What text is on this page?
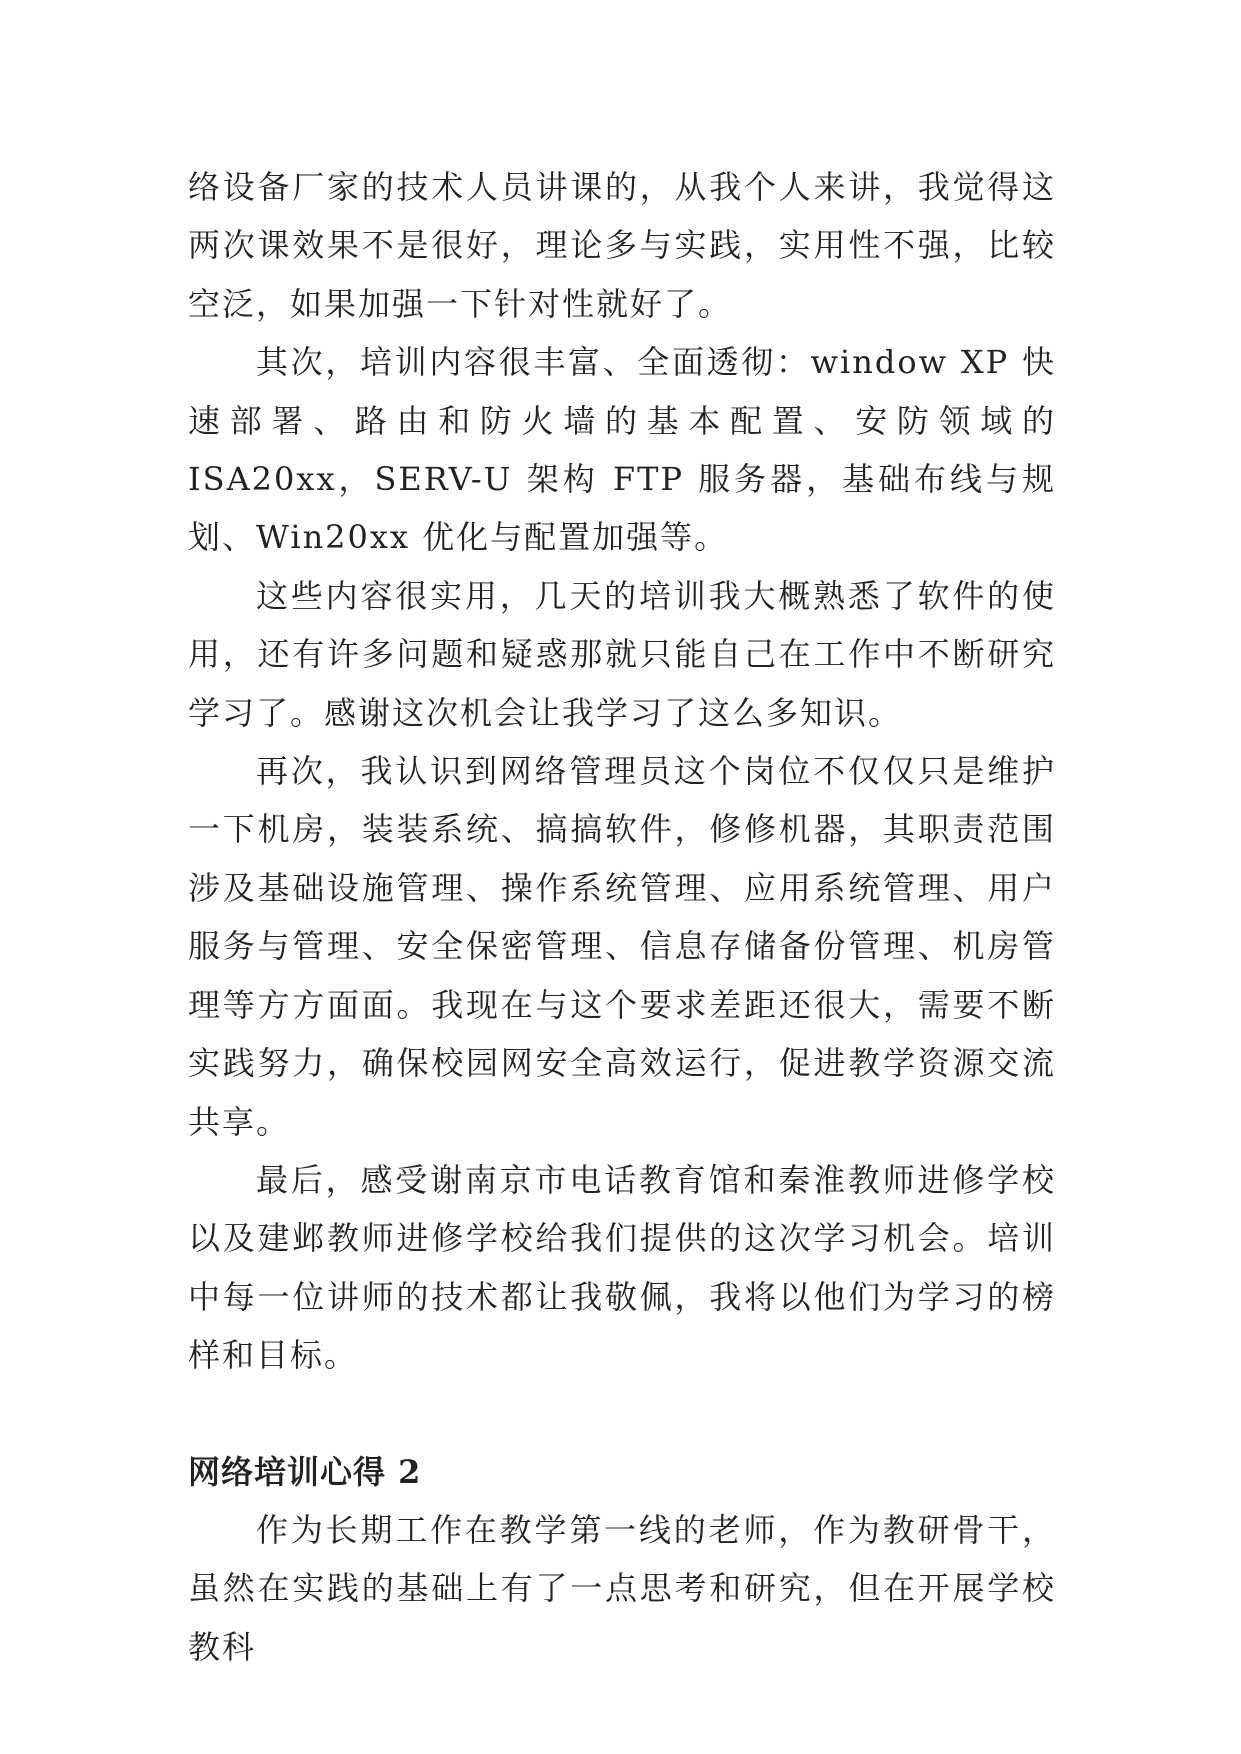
络设备厂家的技术人员讲课的，从我个人来讲，我觉得这两次课效果不是很好，理论多与实践，实用性不强，比较空泛，如果加强一下针对性就好了。

其次，培训内容很丰富、全面透彻：window XP 快速部署、路由和防火墙的基本配置、安防领域的 ISA20xx，SERV-U 架构 FTP 服务器，基础布线与规划、Win20xx 优化与配置加强等。

这些内容很实用，几天的培训我大概熟悉了软件的使用，还有许多问题和疑惑那就只能自己在工作中不断研究学习了。感谢这次机会让我学习了这么多知识。

再次，我认识到网络管理员这个岗位不仅仅只是维护一下机房，装装系统、搞搞软件，修修机器，其职责范围涉及基础设施管理、操作系统管理、应用系统管理、用户服务与管理、安全保密管理、信息存储备份管理、机房管理等方方面面。我现在与这个要求差距还很大，需要不断实践努力，确保校园网安全高效运行，促进教学资源交流共享。

最后，感受谢南京市电话教育馆和秦淮教师进修学校以及建邺教师进修学校给我们提供的这次学习机会。培训中每一位讲师的技术都让我敬佩，我将以他们为学习的榜样和目标。

网络培训心得 2

作为长期工作在教学第一线的老师，作为教研骨干，虽然在实践的基础上有了一点思考和研究，但在开展学校教科
